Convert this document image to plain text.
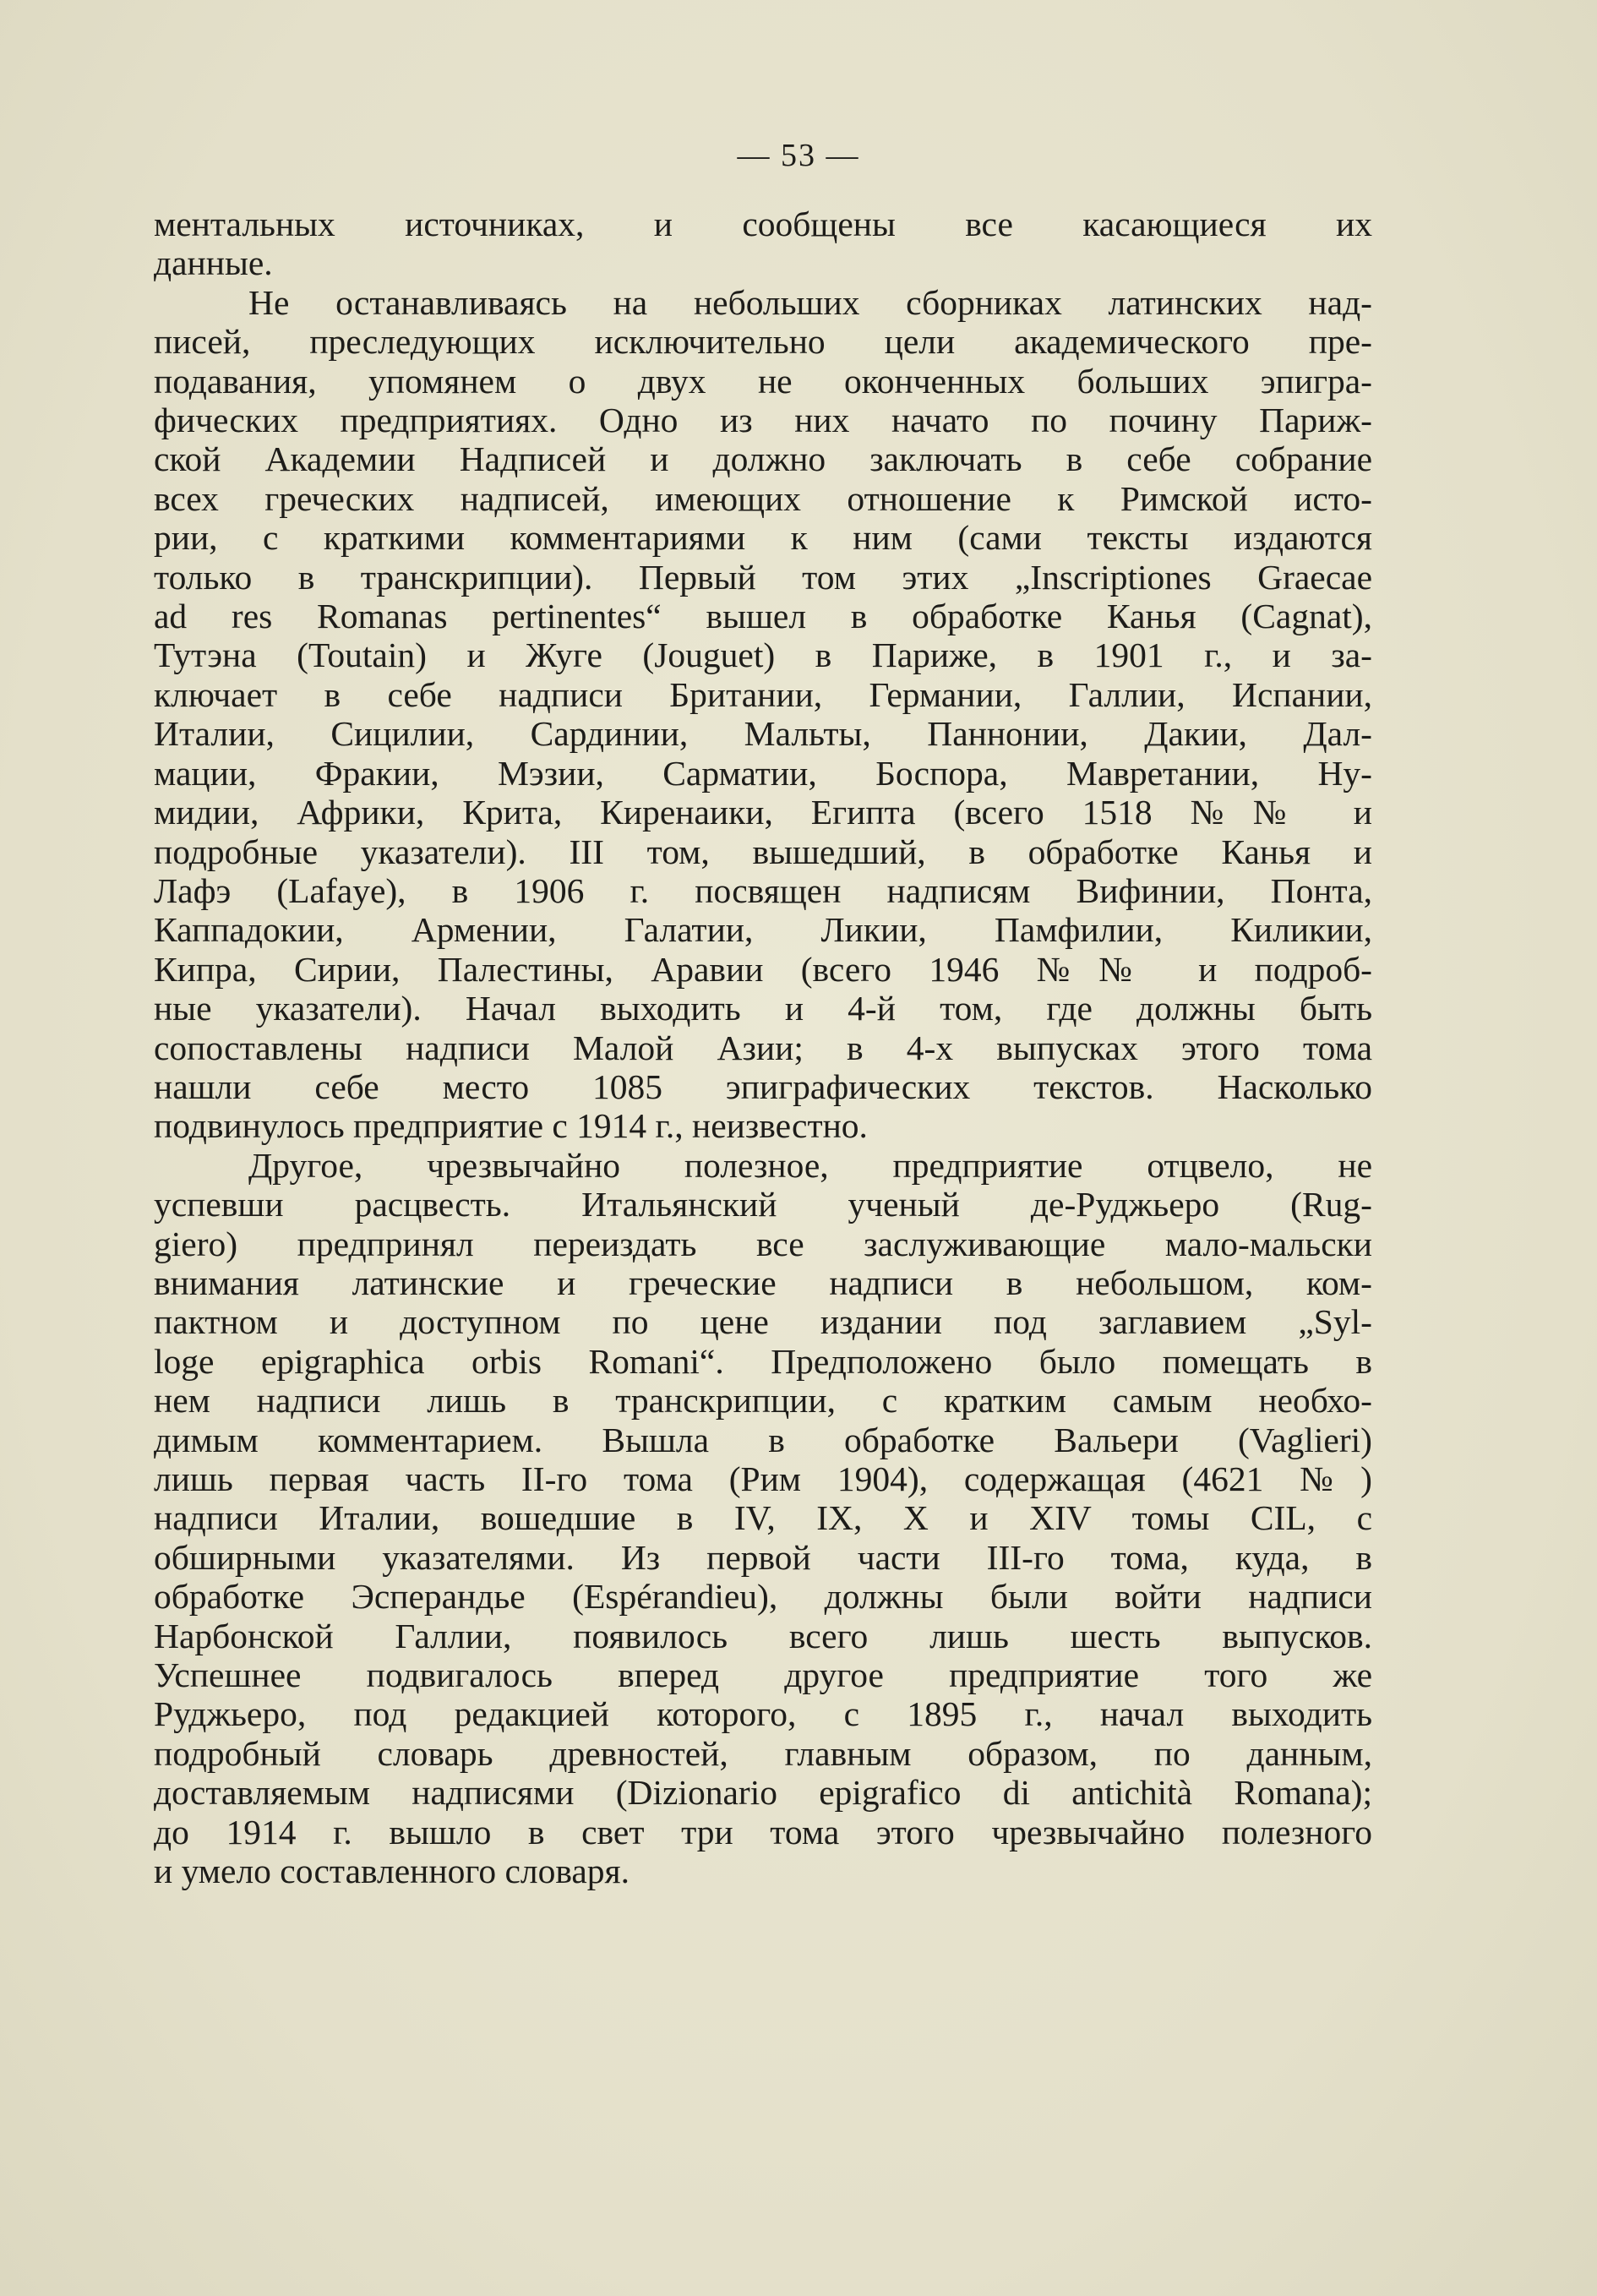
— 53 —
ментальных источниках, и сообщены все касающиеся их
данные.
Не останавливаясь на небольших сборниках латинских над-
писей, преследующих исключительно цели академического пре-
подавания, упомянем о двух не оконченных больших эпигра-
фических предприятиях. Одно из них начато по почину Париж-
ской Академии Надписей и должно заключать в себе собрание
всех греческих надписей, имеющих отношение к Римской исто-
рии, с краткими комментариями к ним (сами тексты издаются
только в транскрипции). Первый том этих „Inscriptiones Graecae
ad res Romanas pertinentes“ вышел в обработке Канья (Cagnat),
Тутэна (Toutain) и Жуге (Jouguet) в Париже, в 1901 г., и за-
ключает в себе надписи Британии, Германии, Галлии, Испании,
Италии, Сицилии, Сардинии, Мальты, Паннонии, Дакии, Дал-
мации, Фракии, Мэзии, Сарматии, Боспора, Мавретании, Ну-
мидии, Африки, Крита, Киренаики, Египта (всего 1518 №№ и
подробные указатели). III том, вышедший, в обработке Канья и
Лафэ (Lafaye), в 1906 г. посвящен надписям Вифинии, Понта,
Каппадокии, Армении, Галатии, Ликии, Памфилии, Киликии,
Кипра, Сирии, Палестины, Аравии (всего 1946 №№ и подроб-
ные указатели). Начал выходить и 4-й том, где должны быть
сопоставлены надписи Малой Азии; в 4-х выпусках этого тома
нашли себе место 1085 эпиграфических текстов. Насколько
подвинулось предприятие с 1914 г., неизвестно.
Другое, чрезвычайно полезное, предприятие отцвело, не
успевши расцвесть. Итальянский ученый де-Руджьеро (Rug-
giero) предпринял переиздать все заслуживающие мало-мальски
внимания латинские и греческие надписи в небольшом, ком-
пактном и доступном по цене издании под заглавием „Syl-
loge epigraphica orbis Romani“. Предположено было помещать в
нем надписи лишь в транскрипции, с кратким самым необхо-
димым комментарием. Вышла в обработке Вальери (Vaglieri)
лишь первая часть II-го тома (Рим 1904), содержащая (4621 №)
надписи Италии, вошедшие в IV, IX, X и XIV томы CIL, с
обширными указателями. Из первой части III-го тома, куда, в
обработке Эсперандье (Espérandieu), должны были войти надписи
Нарбонской Галлии, появилось всего лишь шесть выпусков.
Успешнее подвигалось вперед другое предприятие того же
Руджьеро, под редакцией которого, с 1895 г., начал выходить
подробный словарь древностей, главным образом, по данным,
доставляемым надписями (Dizionario epigrafico di antichità Romana);
до 1914 г. вышло в свет три тома этого чрезвычайно полезного
и умело составленного словаря.
